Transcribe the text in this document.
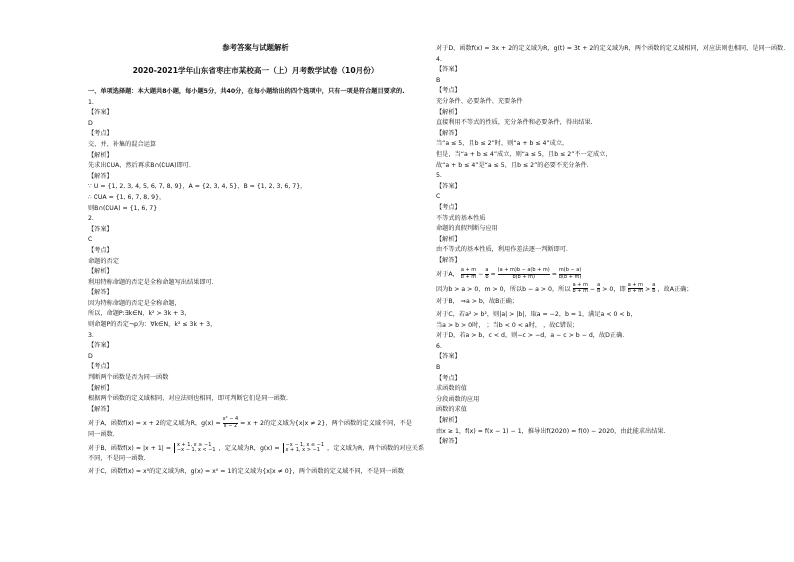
参考答案与试题解析
2020-2021学年山东省枣庄市某校高一（上）月考数学试卷（10月份）
一、单项选择题：本大题共8小题，每小题5分，共40分，在每小题给出的四个选项中，只有一项是符合题目要求的.
1.
【答案】
D
【考点】
交、并、补集的混合运算
【解析】
先求出∁UA，然后再求B∩(∁UA)即可.
【解答】
∵ U = {1, 2, 3, 4, 5, 6, 7, 8, 9}，A = {2, 3, 4, 5}，B = {1, 2, 3, 6, 7}，
∴ ∁UA = {1, 6, 7, 8, 9}，
则B∩(∁UA) = {1, 6, 7}
2.
【答案】
C
【考点】
命题的否定
【解析】
利用特称命题的否定是全称命题写出结果即可.
【解答】
因为特称命题的否定是全称命题，
所以，命题P:∃k∈N，k² > 3k + 3，
则命题P的否定¬p为：∀k∈N，k² ≤ 3k + 3，
3.
【答案】
D
【考点】
判断两个函数是否为同一函数
【解析】
根据两个函数的定义域相同，对应法则也相同，即可判断它们是同一函数.
【解答】
对于A，函数f(x) = x + 2的定义域为R，$g(x) = \frac{\text{x² − 4}}{x - 2} = x + 2$的定义域为{x|x ≠ 2}，两个函数的定义域不同，不是
同一函数.
对于B，函数f(x) = |x + 1| = x + 1, x ≥ −1
−x − 1, x < −1 ，定义域为R，g(x) = −x − 1, x ≤ −1
x + 1, x > −1	，定义域为R，两个函数的对应关系
不同，不是同一函数.
对于C，函数f(x) = x⁰的定义域为R，g(x) = x⁰ = 1的定义域为{x|x ≠ 0}，两个函数的定义域不同，不是同一函数
对于D，函数f(x) = 3x + 2的定义域为R，g(t) = 3t + 2的定义域为R，两个函数的定义域相同，对应法则也相同，是同一函数.
4.
【答案】
B
【考点】
充分条件、必要条件、充要条件
【解析】
直接利用不等式的性质，充分条件和必要条件，得出结果.
【解答】
当“a ≤ 5，且b ≤ 2”时，则“a + b ≤ 4”成立，
但是，当“a + b ≤ 4”成立，则“a ≤ 5，且b ≤ 2”不一定成立，
故“a + b ≤ 4”是“a ≤ 5，且b ≤ 2”的必要不充分条件.
5.
【答案】
C
【考点】
不等式的基本性质
命题的真假判断与应用
【解析】
由不等式的基本性质，利用作差法逐一判断即可.
【解答】
对于A， $\frac{a + m}{b + m} - \frac{a}{b} = \frac{(a + m)b - a(b + m)}{b(b + m)} = \frac{m(b - a)}{b(b + m)}$
因为b > a > 0，m > 0，所以b − a > 0，所以 $\frac{a + m}{b + m} - \frac{a}{b} > 0$，即 $\frac{a + m}{b + m} > \frac{a}{b}$ ，故A正确；
对于B， ⇒a > b，故B正确；
对于C，若a² > b²，则|a| > |b|，取a = −2，b = 1，满足a < 0 < b，
当a > b > 0时， ；当b < 0 < a时， ，故C错误；
对于D，若a > b，c < d，则−c > −d，a − c > b − d，故D正确.
6.
【答案】
B
【考点】
求函数的值
分段函数的应用
函数的求值
【解析】
由x ≥ 1，f(x) = f(x − 1) − 1，推导出f(2020) = f(0) − 2020，由此能求出结果.
【解答】
